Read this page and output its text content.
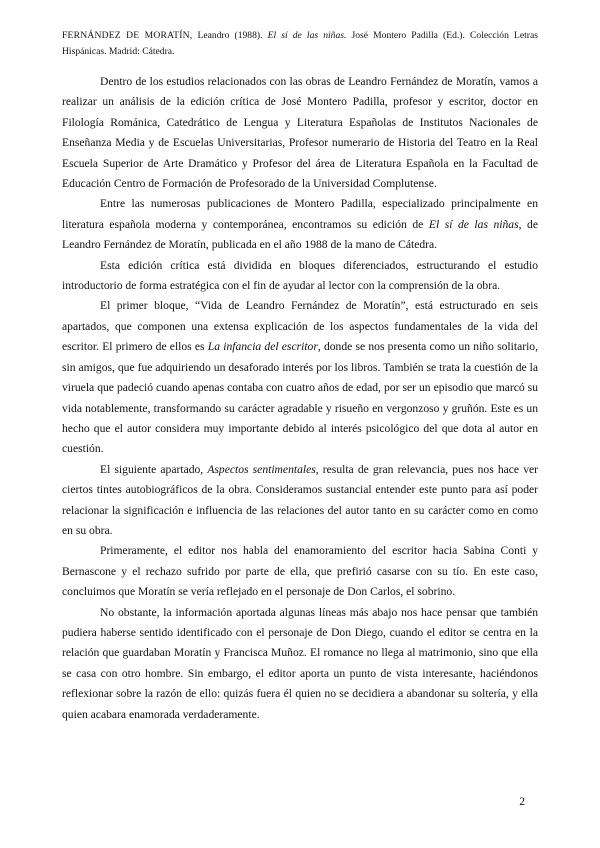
FERNÁNDEZ DE MORATÍN, Leandro (1988). El sí de las niñas. José Montero Padilla (Ed.). Colección Letras Hispánicas. Madrid: Cátedra.

Dentro de los estudios relacionados con las obras de Leandro Fernández de Moratín, vamos a realizar un análisis de la edición crítica de José Montero Padilla, profesor y escritor, doctor en Filología Románica, Catedrático de Lengua y Literatura Españolas de Institutos Nacionales de Enseñanza Media y de Escuelas Universitarias, Profesor numerario de Historia del Teatro en la Real Escuela Superior de Arte Dramático y Profesor del área de Literatura Española en la Facultad de Educación Centro de Formación de Profesorado de la Universidad Complutense.

Entre las numerosas publicaciones de Montero Padilla, especializado principalmente en literatura española moderna y contemporánea, encontramos su edición de El sí de las niñas, de Leandro Fernández de Moratín, publicada en el año 1988 de la mano de Cátedra.

Esta edición crítica está dividida en bloques diferenciados, estructurando el estudio introductorio de forma estratégica con el fin de ayudar al lector con la comprensión de la obra.

El primer bloque, “Vida de Leandro Fernández de Moratín”, está estructurado en seis apartados, que componen una extensa explicación de los aspectos fundamentales de la vida del escritor. El primero de ellos es La infancia del escritor, donde se nos presenta como un niño solitario, sin amigos, que fue adquiriendo un desaforado interés por los libros. También se trata la cuestión de la viruela que padeció cuando apenas contaba con cuatro años de edad, por ser un episodio que marcó su vida notablemente, transformando su carácter agradable y risueño en vergonzoso y gruñón. Este es un hecho que el autor considera muy importante debido al interés psicológico del que dota al autor en cuestión.

El siguiente apartado, Aspectos sentimentales, resulta de gran relevancia, pues nos hace ver ciertos tintes autobiográficos de la obra. Consideramos sustancial entender este punto para así poder relacionar la significación e influencia de las relaciones del autor tanto en su carácter como en como en su obra.

Primeramente, el editor nos habla del enamoramiento del escritor hacia Sabina Conti y Bernascone y el rechazo sufrido por parte de ella, que prefirió casarse con su tío. En este caso, concluimos que Moratín se vería reflejado en el personaje de Don Carlos, el sobrino.

No obstante, la información aportada algunas líneas más abajo nos hace pensar que también pudiera haberse sentido identificado con el personaje de Don Diego, cuando el editor se centra en la relación que guardaban Moratín y Francisca Muñoz. El romance no llega al matrimonio, sino que ella se casa con otro hombre. Sin embargo, el editor aporta un punto de vista interesante, haciéndonos reflexionar sobre la razón de ello: quizás fuera él quien no se decidiera a abandonar su soltería, y ella quien acabara enamorada verdaderamente.

2
